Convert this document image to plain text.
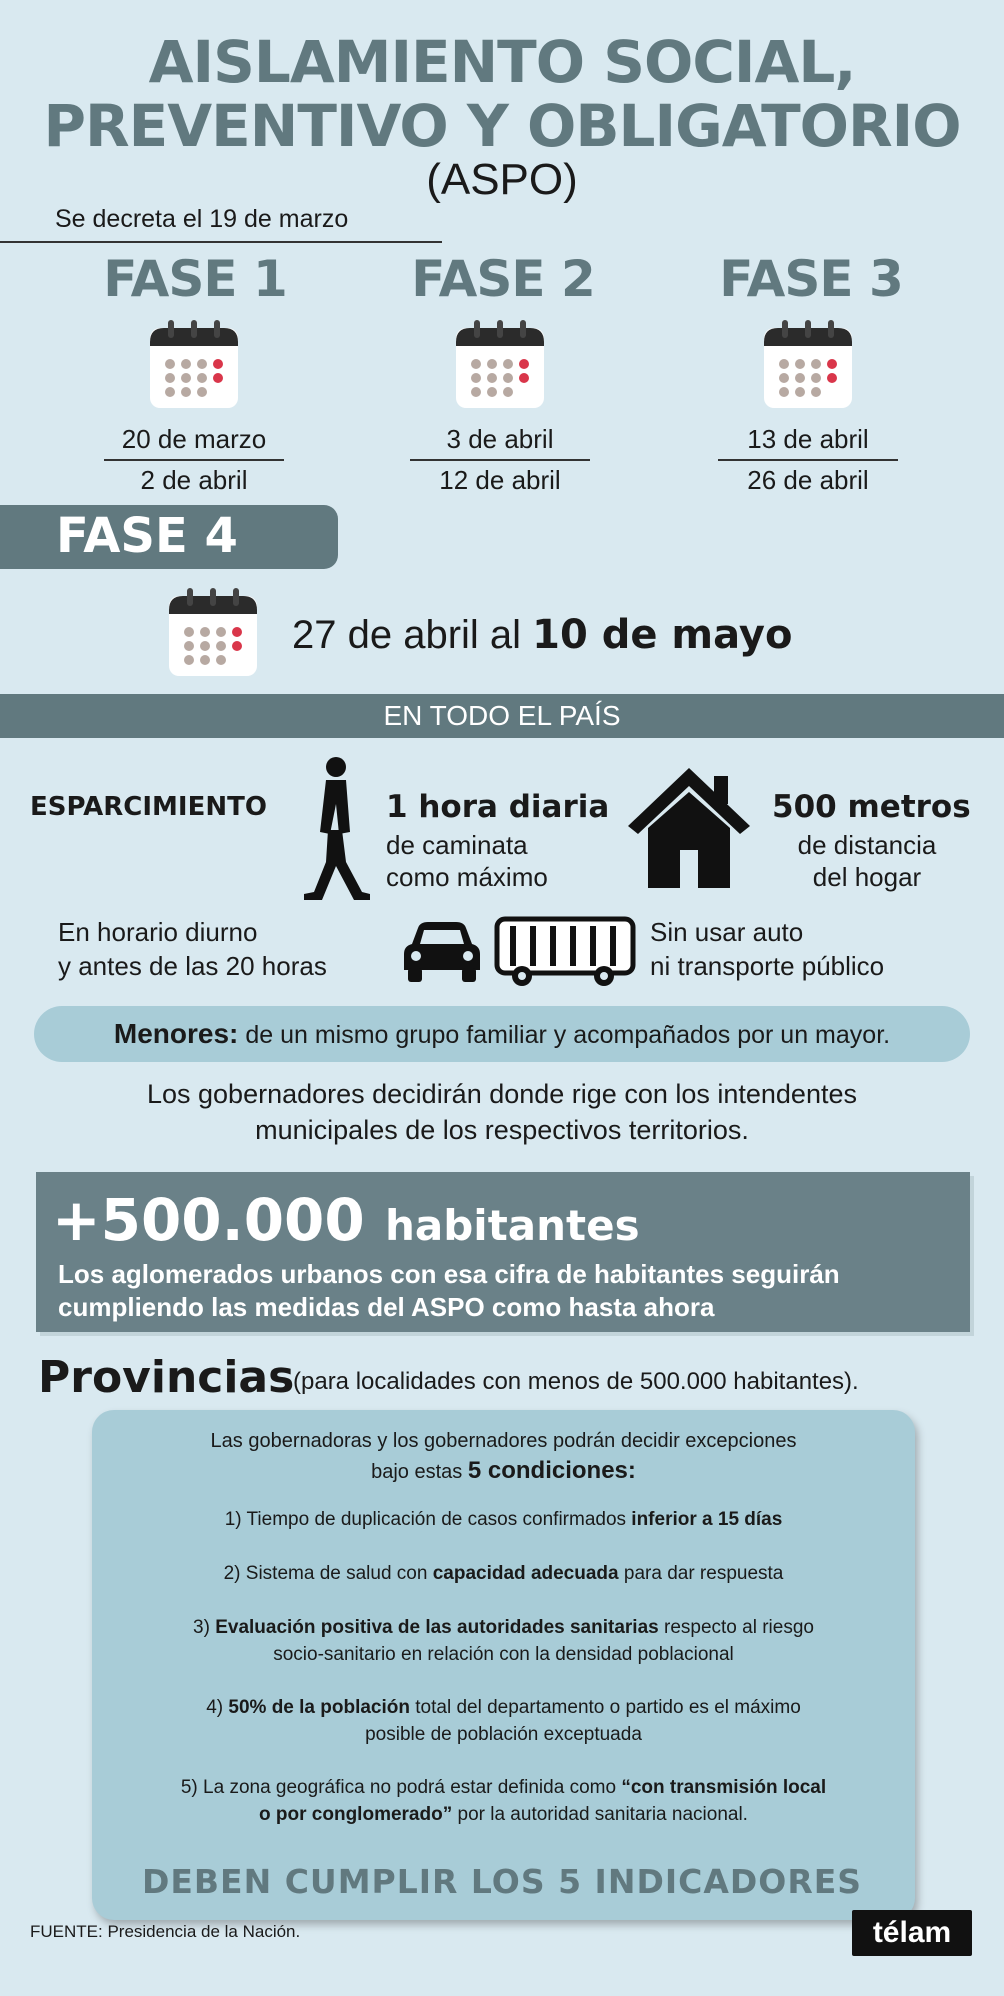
AISLAMIENTO SOCIAL,
PREVENTIVO Y OBLIGATORIO
(ASPO)
Se decreta el 19 de marzo
FASE 1
20 de marzo
2 de abril
FASE 2
3 de abril
12 de abril
FASE 3
13 de abril
26 de abril
FASE 4
27 de abril al 10 de mayo
EN TODO EL PAÍS
ESPARCIMIENTO	1 hora diaria
de caminata
como máximo
500 metros
de distancia
del hogar
En horario diurno
y antes de las 20 horas
Sin usar auto
ni transporte público
Menores: de un mismo grupo familiar y acompañados por un mayor.
Los gobernadores decidirán donde rige con los intendentes
municipales de los respectivos territorios.
+500.000 habitantes
Los aglomerados urbanos con esa cifra de habitantes seguirán
cumpliendo las medidas del ASPO como hasta ahora
Provincias
(para localidades con menos de 500.000 habitantes).
Las gobernadoras y los gobernadores podrán decidir excepciones
bajo estas 5 condiciones:
1) Tiempo de duplicación de casos confirmados inferior a 15 días
2) Sistema de salud con capacidad adecuada para dar respuesta
3) Evaluación positiva de las autoridades sanitarias respecto al riesgo
socio-sanitario en relación con la densidad poblacional
4) 50% de la población total del departamento o partido es el máximo
posible de población exceptuada
5) La zona geográfica no podrá estar definida como “con transmisión local
o por conglomerado” por la autoridad sanitaria nacional.
DEBEN CUMPLIR LOS 5 INDICADORES
FUENTE: Presidencia de la Nación.	télam
